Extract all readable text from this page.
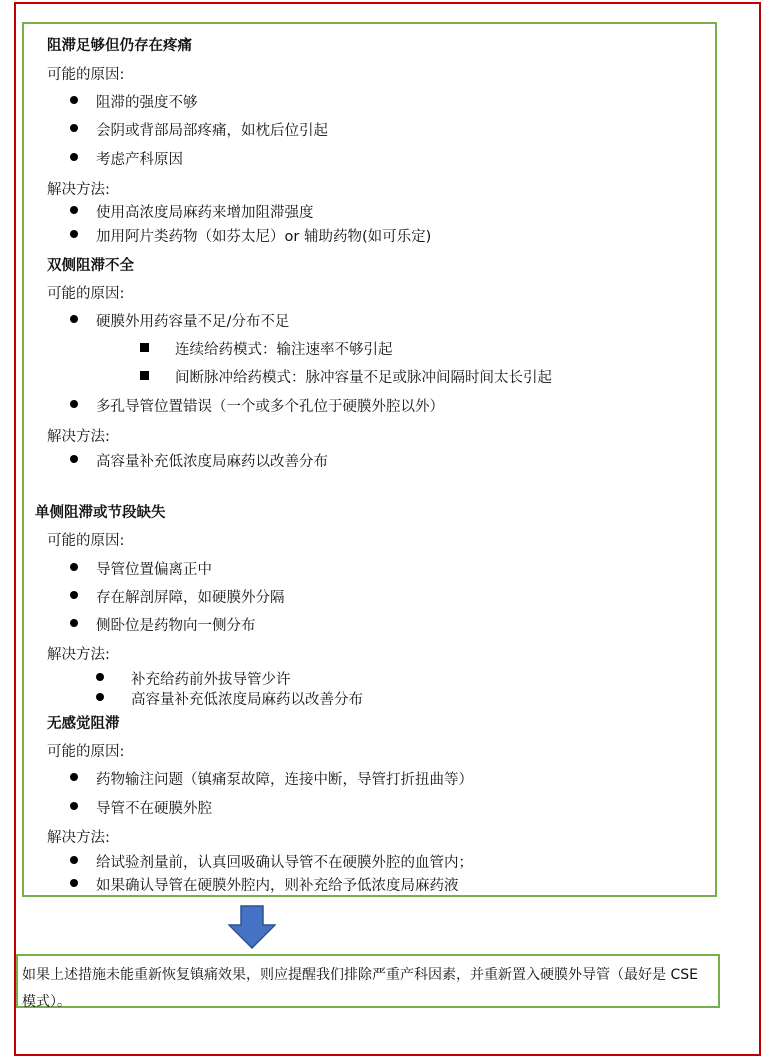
阻滞足够但仍存在疼痛
可能的原因:
阻滞的强度不够
会阴或背部局部疼痛，如枕后位引起
考虑产科原因
解决方法:
使用高浓度局麻药来增加阻滞强度
加用阿片类药物（如芬太尼）or 辅助药物(如可乐定)
双侧阻滞不全
可能的原因:
硬膜外用药容量不足/分布不足
连续给药模式：输注速率不够引起
间断脉冲给药模式：脉冲容量不足或脉冲间隔时间太长引起
多孔导管位置错误（一个或多个孔位于硬膜外腔以外）
解决方法:
高容量补充低浓度局麻药以改善分布
单侧阻滞或节段缺失
可能的原因:
导管位置偏离正中
存在解剖屏障，如硬膜外分隔
侧卧位是药物向一侧分布
解决方法:
补充给药前外拔导管少许
高容量补充低浓度局麻药以改善分布
无感觉阻滞
可能的原因:
药物输注问题（镇痛泵故障，连接中断，导管打折扭曲等）
导管不在硬膜外腔
解决方法:
给试验剂量前，认真回吸确认导管不在硬膜外腔的血管内；
如果确认导管在硬膜外腔内，则补充给予低浓度局麻药液
如果上述措施未能重新恢复镇痛效果，则应提醒我们排除严重产科因素，并重新置入硬膜外导管（最好是 CSE 模式）。
